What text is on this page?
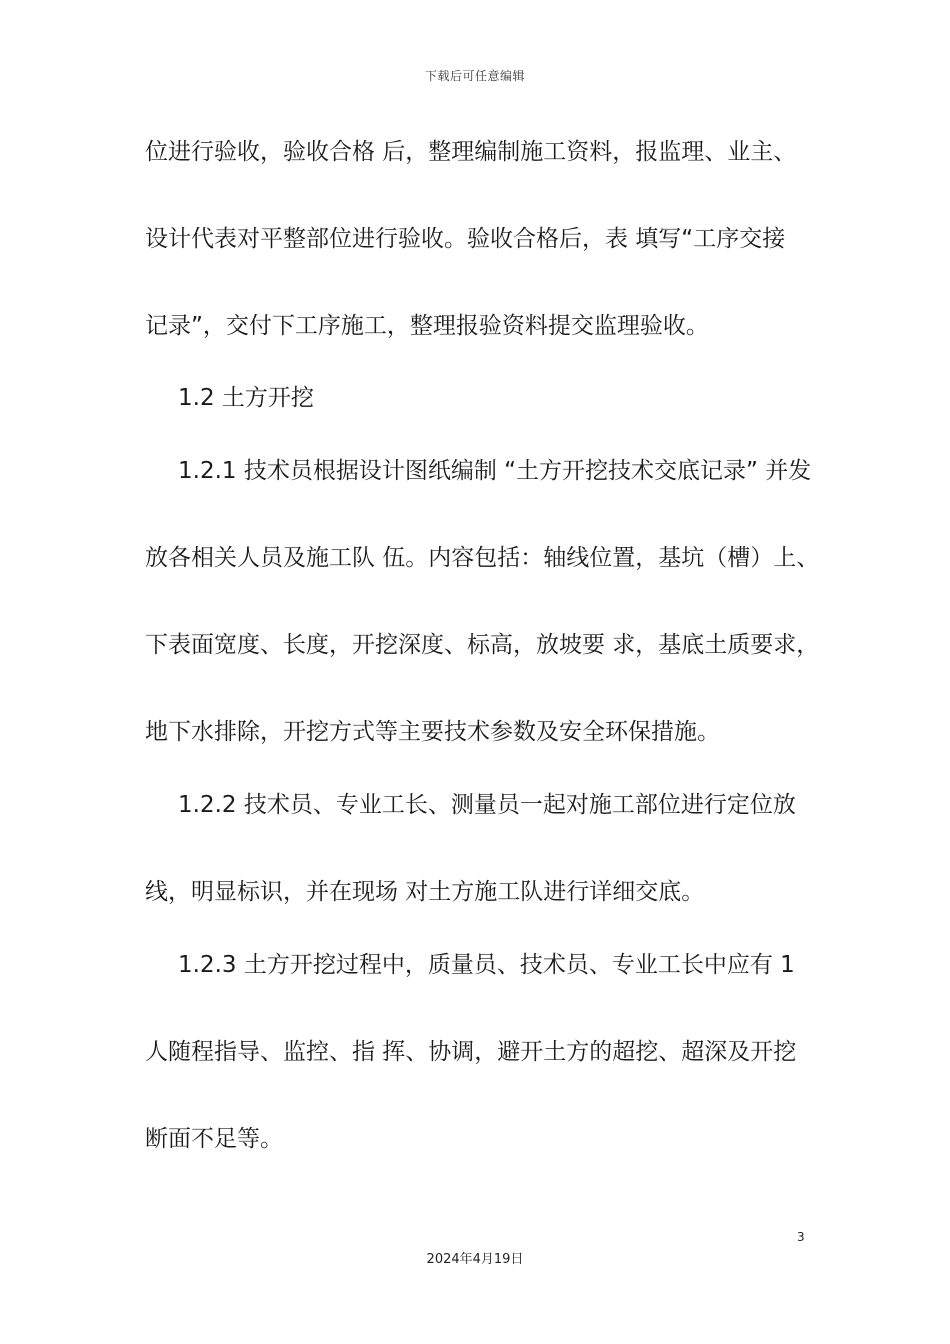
下载后可任意编辑
位进行验收，验收合格 后，整理编制施工资料，报监理、业主、
设计代表对平整部位进行验收。验收合格后，表 填写“工序交接
记录”，交付下工序施工，整理报验资料提交监理验收。
1.2 土方开挖
1.2.1 技术员根据设计图纸编制 “土方开挖技术交底记录” 并发
放各相关人员及施工队 伍。内容包括：轴线位置，基坑（槽）上、
下表面宽度、长度，开挖深度、标高，放坡要 求，基底土质要求，
地下水排除，开挖方式等主要技术参数及安全环保措施。
1.2.2 技术员、专业工长、测量员一起对施工部位进行定位放
线，明显标识，并在现场 对土方施工队进行详细交底。
1.2.3 土方开挖过程中，质量员、技术员、专业工长中应有 1
人随程指导、监控、指 挥、协调，避开土方的超挖、超深及开挖
断面不足等。
3
2024年4月19日
